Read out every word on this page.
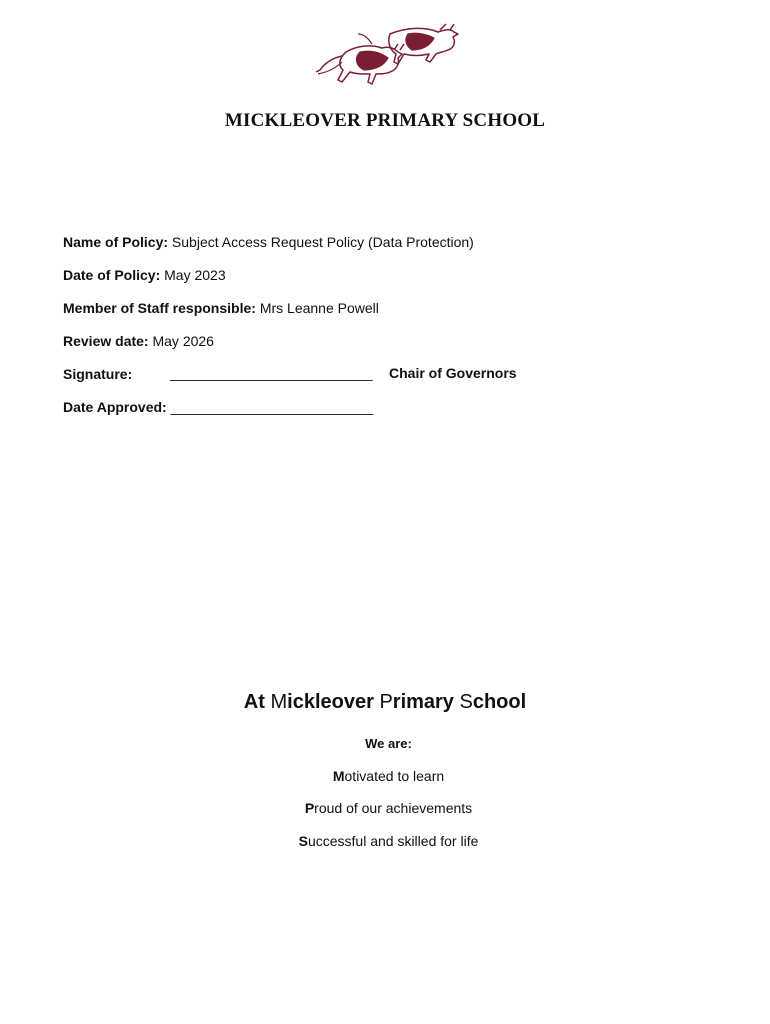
MICKLEOVER PRIMARY SCHOOL
Name of Policy: Subject Access Request Policy (Data Protection)
Date of Policy: May 2023
Member of Staff responsible: Mrs Leanne Powell
Review date: May 2026
Signature:	__________________________ Chair of Governors
Date Approved: __________________________
At Mickleover Primary School
We are:
Motivated to learn
Proud of our achievements
Successful and skilled for life
